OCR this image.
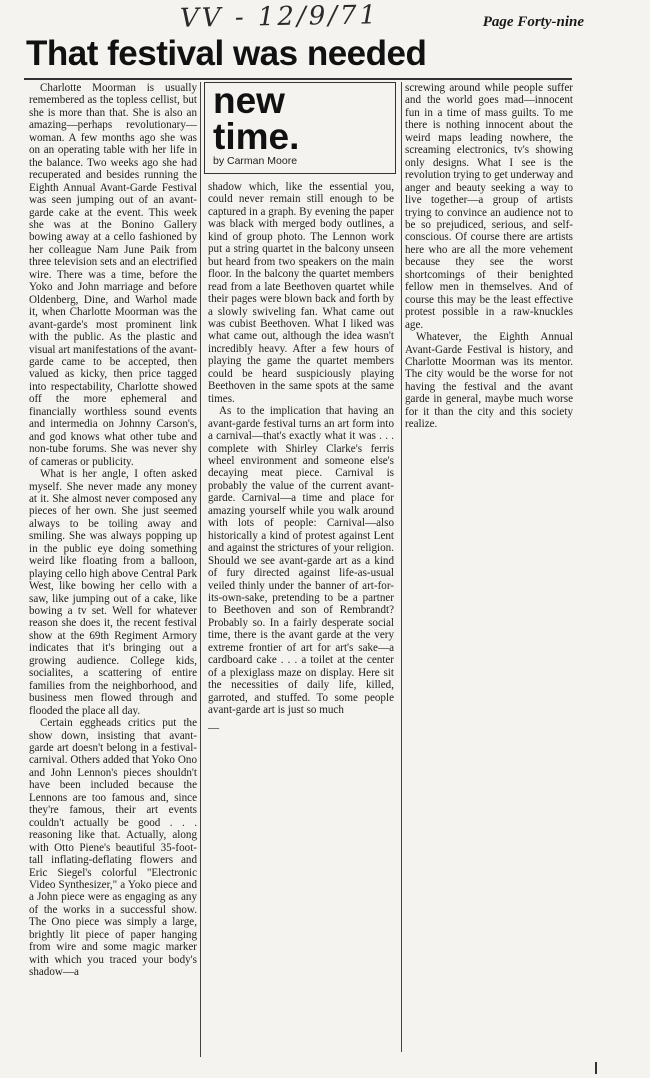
VV - 12/9/71	Page Forty-nine
That festival was needed

Charlotte Moorman is usually remembered as the topless cellist, but she is more than that. She is also an amazing—perhaps revolutionary—woman. A few months ago she was on an operating table with her life in the balance. Two weeks ago she had recuperated and besides running the Eighth Annual Avant-Garde Festival was seen jumping out of an avant-garde cake at the event. This week she was at the Bonino Gallery bowing away at a cello fashioned by her colleague Nam June Paik from three television sets and an electrified wire. There was a time, before the Yoko and John marriage and before Oldenberg, Dine, and Warhol made it, when Charlotte Moorman was the avant-garde's most prominent link with the public. As the plastic and visual art manifestations of the avant-garde came to be accepted, then valued as kicky, then price tagged into respectability, Charlotte showed off the more ephemeral and financially worthless sound events and intermedia on Johnny Carson's, and god knows what other tube and non-tube forums. She was never shy of cameras or publicity.

What is her angle, I often asked myself. She never made any money at it. She almost never composed any pieces of her own. She just seemed always to be toiling away and smiling. She was always popping up in the public eye doing something weird like floating from a balloon, playing cello high above Central Park West, like bowing her cello with a saw, like jumping out of a cake, like bowing a tv set. Well for whatever reason she does it, the recent festival show at the 69th Regiment Armory indicates that it's bringing out a growing audience. College kids, socialites, a scattering of entire families from the neighborhood, and business men flowed through and flooded the place all day.

Certain eggheads critics put the show down, insisting that avant-garde art doesn't belong in a festival-carnival. Others added that Yoko Ono and John Lennon's pieces shouldn't have been included because the Lennons are too famous and, since they're famous, their art events couldn't actually be good . . . reasoning like that. Actually, along with Otto Piene's beautiful 35-foot-tall inflating-deflating flowers and Eric Siegel's colorful "Electronic Video Synthesizer," a Yoko piece and a John piece were as engaging as any of the works in a successful show. The Ono piece was simply a large, brightly lit piece of paper hanging from wire and some magic marker with which you traced your body's shadow—a

new
time.
by Carman Moore

shadow which, like the essential you, could never remain still enough to be captured in a graph. By evening the paper was black with merged body outlines, a kind of group photo. The Lennon work put a string quartet in the balcony unseen but heard from two speakers on the main floor. In the balcony the quartet members read from a late Beethoven quartet while their pages were blown back and forth by a slowly swiveling fan. What came out was cubist Beethoven. What I liked was what came out, although the idea wasn't incredibly heavy. After a few hours of playing the game the quartet members could be heard suspiciously playing Beethoven in the same spots at the same times.

As to the implication that having an avant-garde festival turns an art form into a carnival—that's exactly what it was . . . complete with Shirley Clarke's ferris wheel environment and someone else's decaying meat piece. Carnival is probably the value of the current avant-garde. Carnival—a time and place for amazing yourself while you walk around with lots of people: Carnival—also historically a kind of protest against Lent and against the strictures of your religion. Should we see avant-garde art as a kind of fury directed against life-as-usual veiled thinly under the banner of art-for-its-own-sake, pretending to be a partner to Beethoven and son of Rembrandt? Probably so. In a fairly desperate social time, there is the avant garde at the very extreme frontier of art for art's sake—a cardboard cake . . . a toilet at the center of a plexiglass maze on display. Here sit the necessities of daily life, killed, garroted, and stuffed. To some people avant-garde art is just so much

—

screwing around while people suffer and the world goes mad—innocent fun in a time of mass guilts. To me there is nothing innocent about the weird maps leading nowhere, the screaming electronics, tv's showing only designs. What I see is the revolution trying to get underway and anger and beauty seeking a way to live together—a group of artists trying to convince an audience not to be so prejudiced, serious, and self-conscious. Of course there are artists here who are all the more vehement because they see the worst shortcomings of their benighted fellow men in themselves. And of course this may be the least effective protest possible in a raw-knuckles age.

Whatever, the Eighth Annual Avant-Garde Festival is history, and Charlotte Moorman was its mentor. The city would be the worse for not having the festival and the avant garde in general, maybe much worse for it than the city and this society realize.
